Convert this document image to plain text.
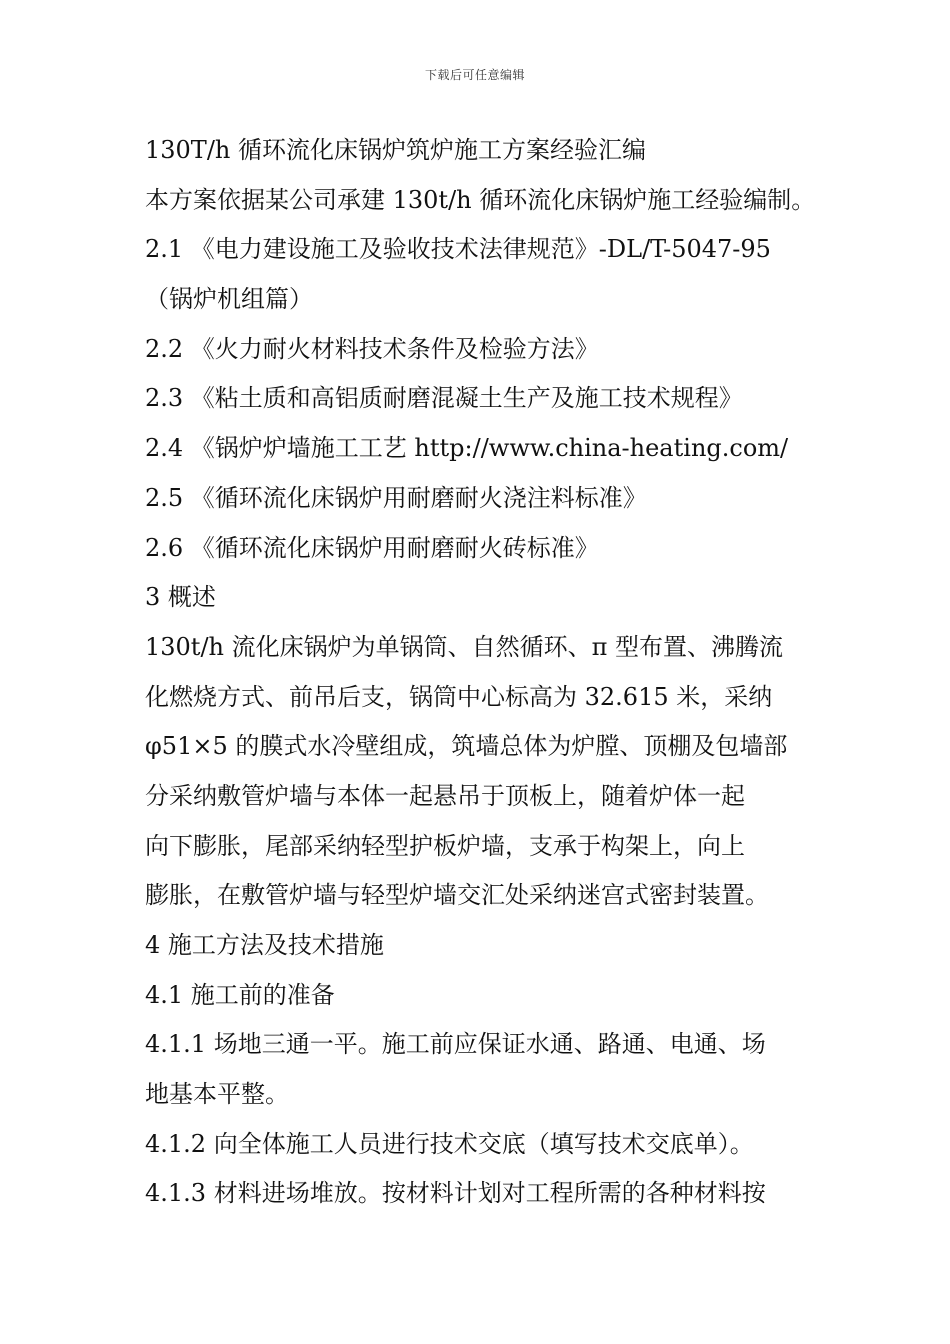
下载后可任意编辑
130T/h 循环流化床锅炉筑炉施工方案经验汇编
本方案依据某公司承建 130t/h 循环流化床锅炉施工经验编制。
2.1 《电力建设施工及验收技术法律规范》-DL/T-5047-95
（锅炉机组篇）
2.2 《火力耐火材料技术条件及检验方法》
2.3 《粘土质和高铝质耐磨混凝土生产及施工技术规程》
2.4 《锅炉炉墙施工工艺 http://www.china-heating.com/
2.5 《循环流化床锅炉用耐磨耐火浇注料标准》
2.6 《循环流化床锅炉用耐磨耐火砖标准》
3 概述
130t/h 流化床锅炉为单锅筒、自然循环、π 型布置、沸腾流
化燃烧方式、前吊后支，锅筒中心标高为 32.615 米，采纳
φ51×5 的膜式水冷壁组成，筑墙总体为炉膛、顶棚及包墙部
分采纳敷管炉墙与本体一起悬吊于顶板上，随着炉体一起
向下膨胀，尾部采纳轻型护板炉墙，支承于构架上，向上
膨胀，在敷管炉墙与轻型炉墙交汇处采纳迷宫式密封装置。
4 施工方法及技术措施
4.1 施工前的准备
4.1.1 场地三通一平。施工前应保证水通、路通、电通、场
地基本平整。
4.1.2 向全体施工人员进行技术交底（填写技术交底单）。
4.1.3 材料进场堆放。按材料计划对工程所需的各种材料按
